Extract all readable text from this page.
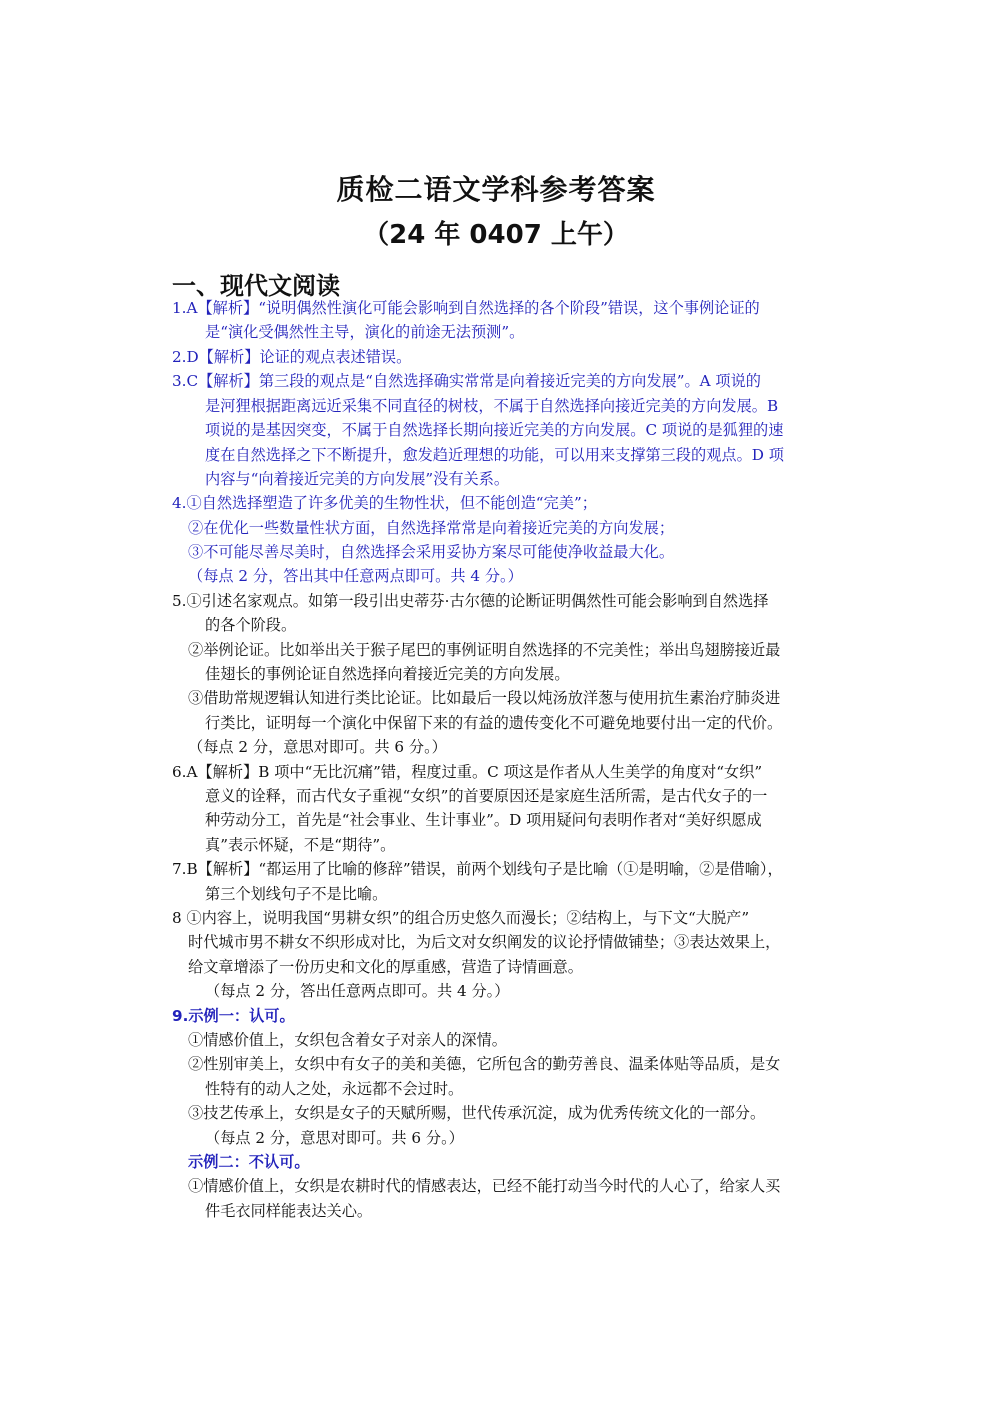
质检二语文学科参考答案
（24 年 0407 上午）
一、现代文阅读
1.A【解析】“说明偶然性演化可能会影响到自然选择的各个阶段”错误，这个事例论证的
是“演化受偶然性主导，演化的前途无法预测”。
2.D【解析】论证的观点表述错误。
3.C【解析】第三段的观点是“自然选择确实常常是向着接近完美的方向发展”。A 项说的
是河狸根据距离远近采集不同直径的树枝，不属于自然选择向接近完美的方向发展。B
项说的是基因突变，不属于自然选择长期向接近完美的方向发展。C 项说的是狐狸的速
度在自然选择之下不断提升，愈发趋近理想的功能，可以用来支撑第三段的观点。D 项
内容与“向着接近完美的方向发展”没有关系。
4.①自然选择塑造了许多优美的生物性状，但不能创造“完美”；
②在优化一些数量性状方面，自然选择常常是向着接近完美的方向发展；
③不可能尽善尽美时，自然选择会采用妥协方案尽可能使净收益最大化。
（每点 2 分，答出其中任意两点即可。共 4 分。）
5.①引述名家观点。如第一段引出史蒂芬·古尔德的论断证明偶然性可能会影响到自然选择
的各个阶段。
②举例论证。比如举出关于猴子尾巴的事例证明自然选择的不完美性；举出鸟翅膀接近最
佳翅长的事例论证自然选择向着接近完美的方向发展。
③借助常规逻辑认知进行类比论证。比如最后一段以炖汤放洋葱与使用抗生素治疗肺炎进
行类比，证明每一个演化中保留下来的有益的遗传变化不可避免地要付出一定的代价。
（每点 2 分，意思对即可。共 6 分。）
6.A【解析】B 项中“无比沉痛”错，程度过重。C 项这是作者从人生美学的角度对“女织”
意义的诠释，而古代女子重视“女织”的首要原因还是家庭生活所需，是古代女子的一
种劳动分工，首先是“社会事业、生计事业”。D 项用疑问句表明作者对“美好织愿成
真”表示怀疑，不是“期待”。
7.B【解析】“都运用了比喻的修辞”错误，前两个划线句子是比喻（①是明喻，②是借喻），
第三个划线句子不是比喻。
8 ①内容上，说明我国“男耕女织”的组合历史悠久而漫长；②结构上，与下文“大脱产”
时代城市男不耕女不织形成对比，为后文对女织阐发的议论抒情做铺垫；③表达效果上，
给文章增添了一份历史和文化的厚重感，营造了诗情画意。
（每点 2 分，答出任意两点即可。共 4 分。）
9.示例一：认可。
①情感价值上，女织包含着女子对亲人的深情。
②性别审美上，女织中有女子的美和美德，它所包含的勤劳善良、温柔体贴等品质，是女
性特有的动人之处，永远都不会过时。
③技艺传承上，女织是女子的天赋所赐，世代传承沉淀，成为优秀传统文化的一部分。
（每点 2 分，意思对即可。共 6 分。）
示例二：不认可。
①情感价值上，女织是农耕时代的情感表达，已经不能打动当今时代的人心了，给家人买
件毛衣同样能表达关心。
